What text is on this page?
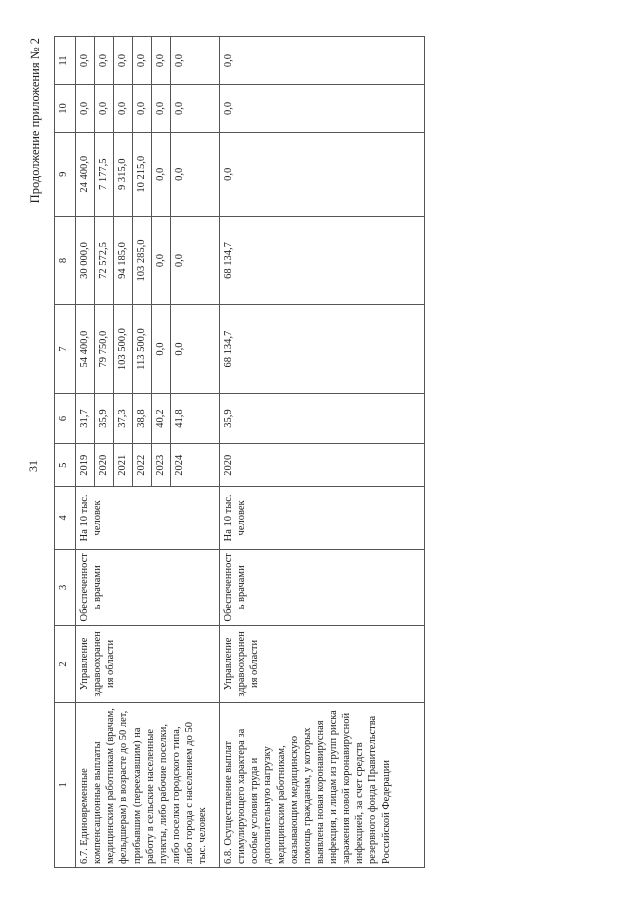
31
Продолжение приложения № 2
1	2	3	4	5	6	7	8	9	10	11
6.7. Единовременные компенсационные выплаты медицинским работникам (врачам, фельдшерам) в возрасте до 50 лет, прибывшим (переехавшим) на работу в сельские населенные пункты, либо рабочие поселки, либо поселки городского типа, либо города с населением до 50 тыс. человек	Управление здравоохранения области	Обеспеченность врачами	На 10 тыс. человек	2019	31,7	54 400,0	30 000,0	24 400,0	0,0	0,0
				2020	35,9	79 750,0	72 572,5	7 177,5	0,0	0,0
				2021	37,3	103 500,0	94 185,0	9 315,0	0,0	0,0
				2022	38,8	113 500,0	103 285,0	10 215,0	0,0	0,0
				2023	40,2	0,0	0,0	0,0	0,0	0,0
				2024	41,8	0,0	0,0	0,0	0,0	0,0
6.8. Осуществление выплат стимулирующего характера за особые условия труда и дополнительную нагрузку медицинским работникам, оказывающим медицинскую помощь гражданам, у которых выявлена новая коронавирусная инфекция, и лицам из групп риска заражения новой коронавирусной инфекцией, за счет средств резервного фонда Правительства Российской Федерации	Управление здравоохранения области	Обеспеченность врачами	На 10 тыс. человек	2020	35,9	68 134,7	68 134,7	0,0	0,0	0,0
